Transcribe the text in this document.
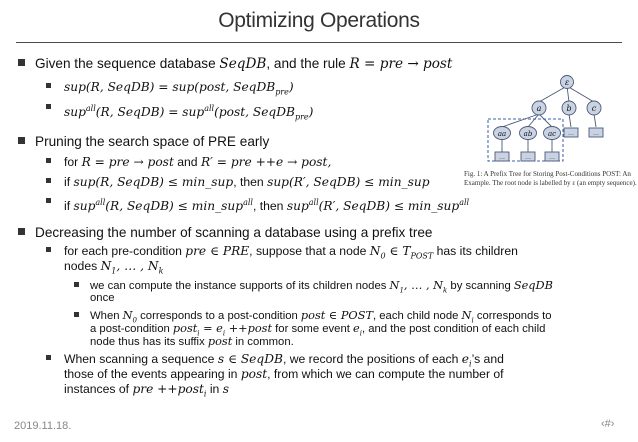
Optimizing Operations
Given the sequence database SeqDB, and the rule R = pre → post
sup(R, SeqDB) = sup(post, SeqDB$_{pre}$)
sup$^{all}$(R, SeqDB) = sup$^{all}$(post, SeqDB$_{pre}$)
Pruning the search space of PRE early
for R = pre → post and R′ = pre ++e → post,
if sup(R, SeqDB) ≤ min_sup, then sup(R′, SeqDB) ≤ min_sup
if sup$^{all}$(R, SeqDB) ≤ min_sup$^{all}$, then sup$^{all}$(R′, SeqDB) ≤ min_sup$^{all}$
Decreasing the number of scanning a database using a prefix tree
for each pre-condition pre ∈ PRE, suppose that a node $N_0$ ∈ $T_{POST}$ has its children
nodes $N_1$, … , $N_k$
we can compute the instance supports of its children nodes $N_1$, … , $N_k$ by scanning SeqDB
once
When $N_0$ corresponds to a post-condition post ∈ POST, each child node $N_i$ corresponds to
a post-condition post$_i$ = $e_i$ ++post for some event $e_i$, and the post condition of each child
node thus has its suffix post in common.
When scanning a sequence s ∈ SeqDB, we record the positions of each $e_i’s$ and
those of the events appearing in post, from which we can compute the number of
instances of pre ++post$_i$ in s
ε
a	b	c
aa ab ac …	…
…	…	…
Fig. 1: A Prefix Tree for Storing Post-Conditions POST: An
Example. The root node is labelled by ε (an empty sequence).
2019.11.18.	‹#›
